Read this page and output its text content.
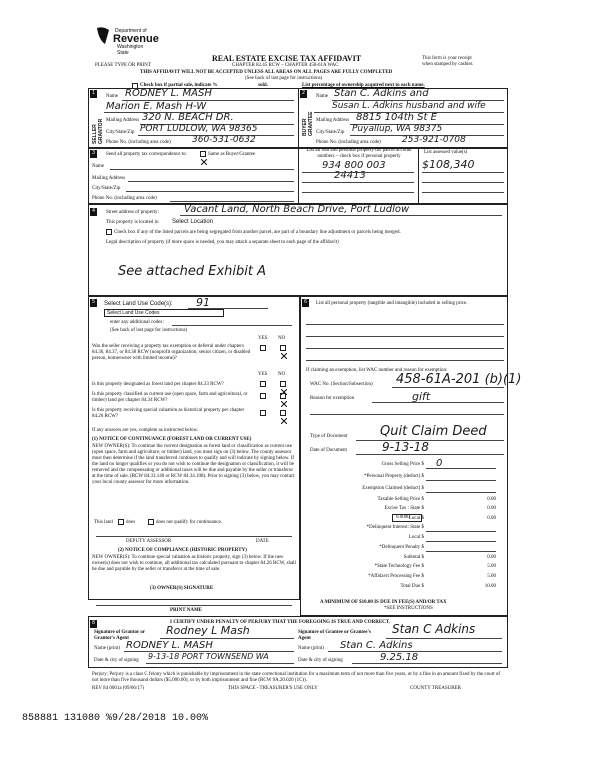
Department of
Revenue
Washington State
PLEASE TYPE OR PRINT
REAL ESTATE EXCISE TAX AFFIDAVIT
CHAPTER 82.45 RCW – CHAPTER 458-61A WAC
THIS AFFIDAVIT WILL NOT BE ACCEPTED UNLESS ALL AREAS ON ALL PAGES ARE FULLY COMPLETED
This form is your receipt
when stamped by cashier.
(See back of last page for instructions)
Check box if partial sale, indicate %	sold.	List percentage of ownership acquired next to each name.
1
SELLER GRANTOR
Name RODNEY L. MASH
Marion E. Mash H-W
Mailing Address 320 N. BEACH DR.
City/State/Zip PORT LUDLOW, WA 98365
Phone No. (including area code) 360-531-0632
2
BUYER GRANTEE
Name Stan C. Adkins and
Susan L. Adkins husband and wife
Mailing Address 8815 104th St E
City/State/Zip Puyallup, WA 98375
Phone No. (including area code) 253-921-0708
3	Send all property tax correspondence to:	Same as Buyer/Grantee
Name
Mailing Address
City/State/Zip
Phone No. (including area code)
List all real and personal property tax parcel account numbers – check box if personal property
List assessed value(s)
934 800 003
24413
$108,340
4	Street address of property:	Vacant Land, North Beach Drive, Port Ludlow
This property is located in Select Location
Check box if any of the listed parcels are being segregated from another parcel, are part of a boundary line adjustment or parcels being merged.
Legal description of property (if more space is needed, you may attach a separate sheet to each page of the affidavit)
See attached Exhibit A
5	Select Land Use Code(s): 91
Select Land Use Codes
enter any additional codes:
(See back of last page for instructions)
YES NO
Was the seller receiving a property tax exemption or deferral under chapters 84.36, 84.37, or 84.38 RCW (nonprofit organization, senior citizen, or disabled person, homeowner with limited income)?
YES NO
Is this property designated as forest land per chapter 84.33 RCW?
Is this property classified as current use (open space, farm and agricultural, or timber) land per chapter 84.34 RCW?
Is this property receiving special valuation as historical property per chapter 84.26 RCW?
If any answers are yes, complete as instructed below.
(1) NOTICE OF CONTINUANCE (FOREST LAND OR CURRENT USE)
NEW OWNER(S): To continue the current designation as forest land or classification as current use (open space, farm and agriculture, or timber) land, you must sign on (3) below. The county assessor must then determine if the land transferred continues to qualify and will indicate by signing below. If the land no longer qualifies or you do not wish to continue the designation or classification, it will be removed and the compensating or additional taxes will be due and payable by the seller or transferor at the time of sale. (RCW 84.33.140 or RCW 84.34.108). Prior to signing (3) below, you may contact your local county assessor for more information.
This land	does	does not qualify for continuance.
DEPUTY ASSESSOR	DATE
(2) NOTICE OF COMPLIANCE (HISTORIC PROPERTY)
NEW OWNER(S): To continue special valuation as historic property, sign (3) below. If the new owner(s) does not wish to continue, all additional tax calculated pursuant to chapter 84.26 RCW, shall be due and payable by the seller or transferor at the time of sale.
(3) OWNER(S) SIGNATURE
PRINT NAME
6	List all personal property (tangible and intangible) included in selling price.
If claiming an exemption, list WAC number and reason for exemption:
WAC No. (Section/Subsection) 458-61A-201 (b)(1)
Reason for exemption	gift
Type of Document	Quit Claim Deed
Date of Document	9-13-18
Gross Selling Price $ 0
*Personal Property (deduct) $
Exemption Claimed (deduct) $
Taxable Selling Price $	0.00
Excise Tax : State $	0.00
0.0000 Local $	0.00
*Delinquent Interest: State $
Local $
*Delinquent Penalty $
Subtotal $	0.00
*State Technology Fee $	5.00
*Affidavit Processing Fee $	5.00
Total Due $	10.00
A MINIMUM OF $10.00 IS DUE IN FEE(S) AND/OR TAX
*SEE INSTRUCTIONS
8	I CERTIFY UNDER PENALTY OF PERJURY THAT THE FOREGOING IS TRUE AND CORRECT.
Signature of Grantor or Grantor's Agent
Rodney L Mash	Signature of Grantee or Grantee's Agent
Stan C Adkins
Name (print) RODNEY L. MASH	Name (print) Stan C. Adkins
Date & city of signing 9-13-18 PORT TOWNSEND WA	Date & city of signing	9.25.18
Perjury: Perjury is a class C felony which is punishable by imprisonment in the state correctional institution for a maximum term of not more than five years, or by a fine in an amount fixed by the court of not more than five thousand dollars ($5,000.00), or by both imprisonment and fine (RCW 9A.20.020 (1C)).
REV 84 0001a (09/06/17)	THIS SPACE - TREASURER'S USE ONLY	COUNTY TREASURER
858881 131080 %9/28/2018 10.00%
